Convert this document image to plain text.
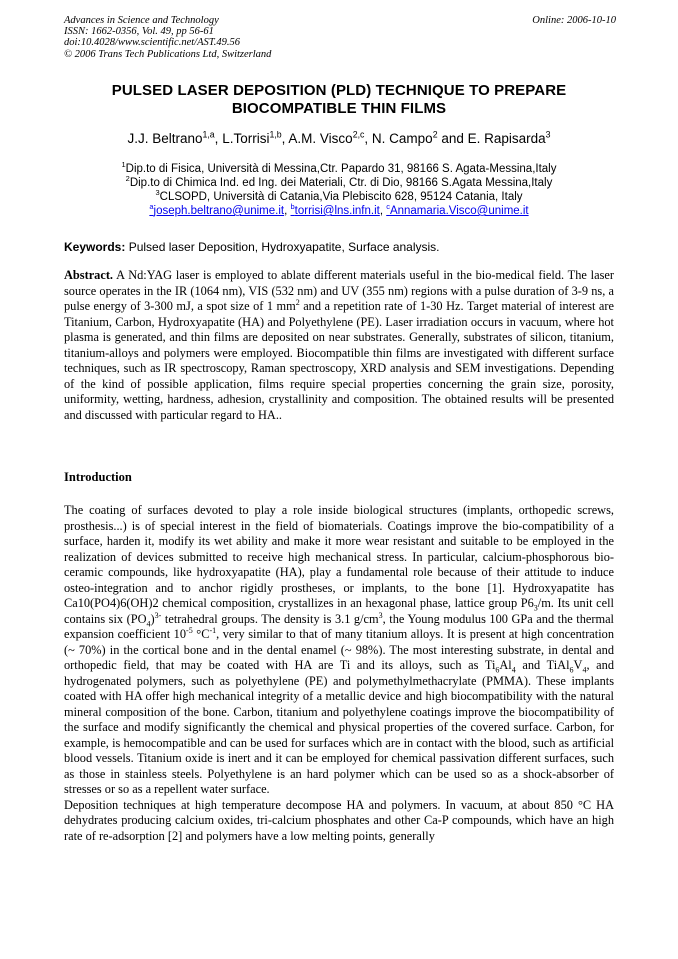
Advances in Science and Technology
ISSN: 1662-0356, Vol. 49, pp 56-61
doi:10.4028/www.scientific.net/AST.49.56
© 2006 Trans Tech Publications Ltd, Switzerland
Online: 2006-10-10
PULSED LASER DEPOSITION (PLD) TECHNIQUE TO PREPARE
BIOCOMPATIBLE THIN FILMS
J.J. Beltrano$^{1,a}$, L.Torrisi$^{1,b}$, A.M. Visco$^{2,c}$, N. Campo$^2$ and E. Rapisarda$^3$
$^1$Dip.to di Fisica, Università di Messina,Ctr. Papardo 31, 98166 S. Agata-Messina,Italy
$^2$Dip.to di Chimica Ind. ed Ing. dei Materiali, Ctr. di Dio, 98166 S.Agata Messina,Italy
$^3$CLSOPD, Università di Catania,Via Plebiscito 628, 95124 Catania, Italy
$^a$joseph.beltrano@unime.it, $^b$torrisi@lns.infn.it, $^c$Annamaria.Visco@unime.it
Keywords: Pulsed laser Deposition, Hydroxyapatite, Surface analysis.
Abstract. A Nd:YAG laser is employed to ablate different materials useful in the bio-medical field. The laser source operates in the IR (1064 nm), VIS (532 nm) and UV (355 nm) regions with a pulse duration of 3-9 ns, a pulse energy of 3-300 mJ, a spot size of 1 $mm^2$ and a repetition rate of 1-30 Hz. Target material of interest are Titanium, Carbon, Hydroxyapatite (HA) and Polyethylene (PE). Laser irradiation occurs in vacuum, where hot plasma is generated, and thin films are deposited on near substrates. Generally, substrates of silicon, titanium, titanium-alloys and polymers were employed. Biocompatible thin films are investigated with different surface techniques, such as IR spectroscopy, Raman spectroscopy, XRD analysis and SEM investigations. Depending of the kind of possible application, films require special properties concerning the grain size, porosity, uniformity, wetting, hardness, adhesion, crystallinity and composition. The obtained results will be presented and discussed with particular regard to HA..
Introduction

The coating of surfaces devoted to play a role inside biological structures (implants, orthopedic screws, prosthesis...) is of special interest in the field of biomaterials. Coatings improve the bio-compatibility of a surface, harden it, modify its wet ability and make it more wear resistant and suitable to be employed in the realization of devices submitted to receive high mechanical stress. In particular, calcium-phosphorous bio-ceramic compounds, like hydroxyapatite (HA), play a fundamental role because of their attitude to induce osteo-integration and to anchor rigidly prostheses, or implants, to the bone [1]. Hydroxyapatite has Ca10(PO4)6(OH)2 chemical composition, crystallizes in an hexagonal phase, lattice group $P6_3/m$. Its unit cell contains six $(PO_4)^{3-}$ tetrahedral groups. The density is 3.1 $g/cm^3$, the Young modulus 100 GPa and the thermal expansion coefficient $10^{-5}$ $^\circ C^{-1}$, very similar to that of many titanium alloys. It is present at high concentration (~ 70%) in the cortical bone and in the dental enamel (~ 98%). The most interesting substrate, in dental and orthopedic field, that may be coated with HA are Ti and its alloys, such as $Ti_6Al_4$ and $TiAl_6V_4$, and hydrogenated polymers, such as polyethylene (PE) and polymethylmethacrylate (PMMA). These implants coated with HA offer high mechanical integrity of a metallic device and high biocompatibility with the natural mineral composition of the bone. Carbon, titanium and polyethylene coatings improve the biocompatibility of the surface and modify significantly the chemical and physical properties of the covered surface. Carbon, for example, is hemocompatible and can be used for surfaces which are in contact with the blood, such as artificial blood vessels. Titanium oxide is inert and it can be employed for chemical passivation different surfaces, such as those in stainless steels. Polyethylene is an hard polymer which can be used so as a shock-absorber of stresses or so as a repellent water surface.

Deposition techniques at high temperature decompose HA and polymers. In vacuum, at about 850 °C HA dehydrates producing calcium oxides, tri-calcium phosphates and other Ca-P compounds, which have an high rate of re-adsorption [2] and polymers have a low melting points, generally
